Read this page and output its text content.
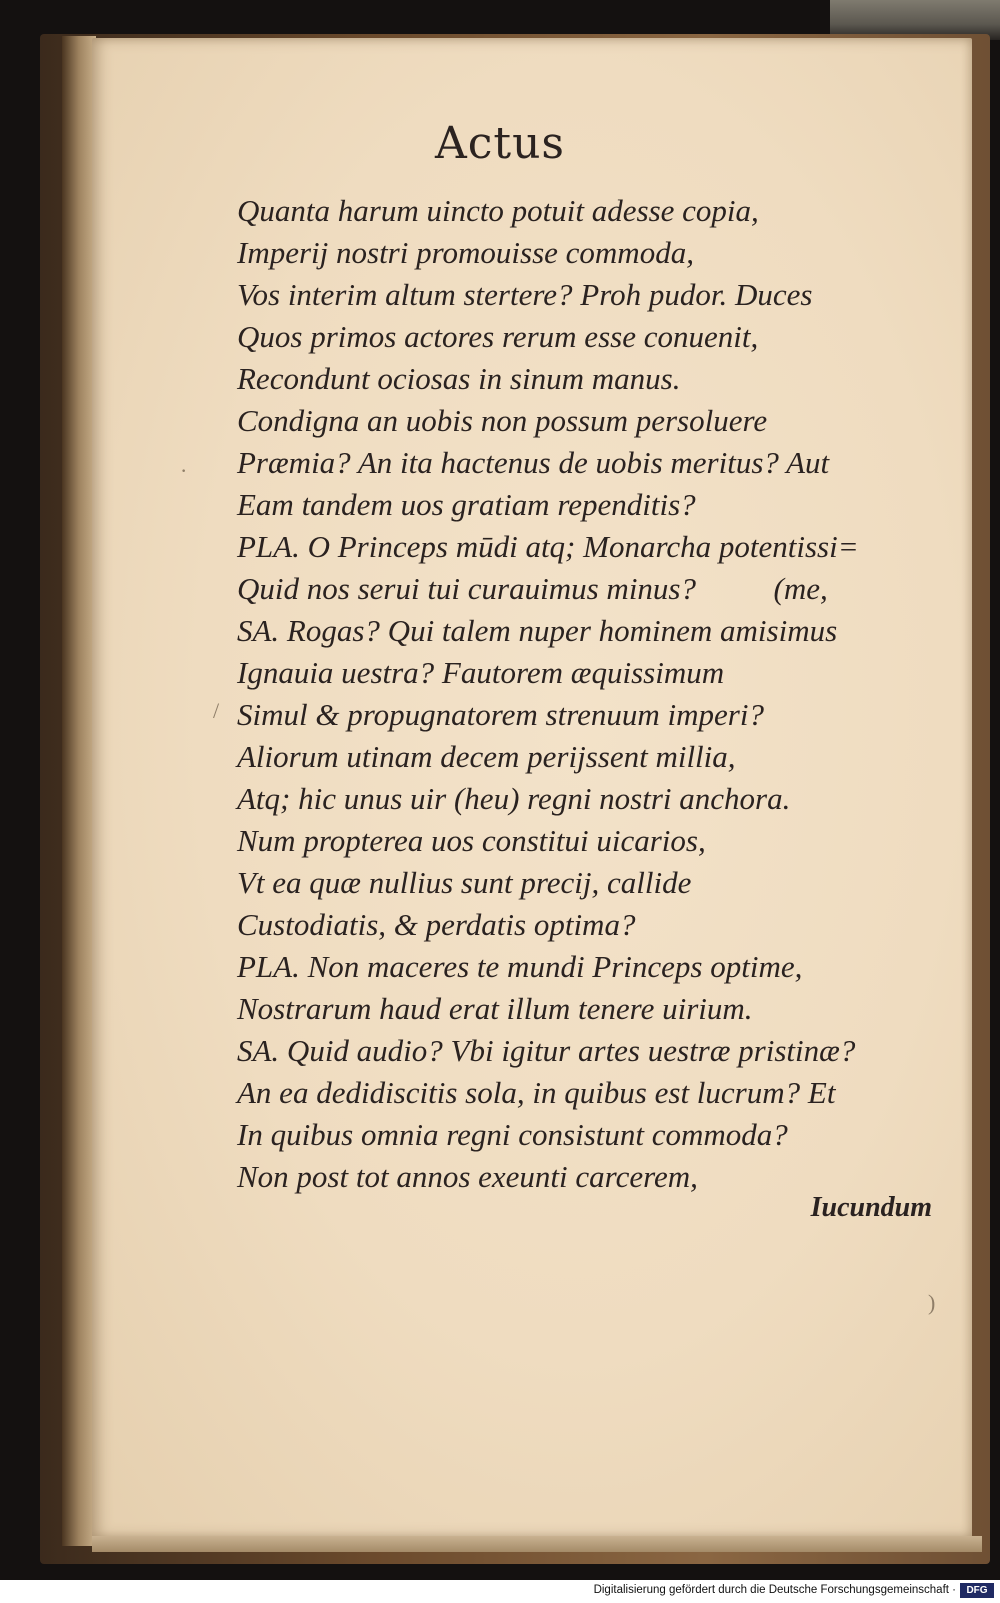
Actus
Quanta harum uincto potuit adesse copia,
Imperij nostri promouisse commoda,
Vos interim altum stertere? Proh pudor. Duces
Quos primos actores rerum esse conuenit,
Recondunt ociosas in sinum manus.
Condigna an uobis non possum persoluere
Præmia? An ita hactenus de uobis meritus? Aut
Eam tandem uos gratiam rependitis?
PLA. O Princeps mūdi atq; Monarcha potentissi=
Quid nos serui tui curauimus minus?          (me,
SA. Rogas? Qui talem nuper hominem amisimus
Ignauia uestra? Fautorem æquissimum
Simul & propugnatorem strenuum imperi?
Aliorum utinam decem perijssent millia,
Atq; hic unus uir (heu) regni nostri anchora.
Num propterea uos constitui uicarios,
Vt ea quæ nullius sunt precij, callide
Custodiatis, & perdatis optima?
PLA. Non maceres te mundi Princeps optime,
Nostrarum haud erat illum tenere uirium.
SA. Quid audio? Vbi igitur artes uestræ pristinæ?
An ea dedidiscitis sola, in quibus est lucrum? Et
In quibus omnia regni consistunt commoda?
Non post tot annos exeunti carcerem,
Iucundum
·
/
)
Digitalisierung gefördert durch die Deutsche Forschungsgemeinschaft ·	DFG
